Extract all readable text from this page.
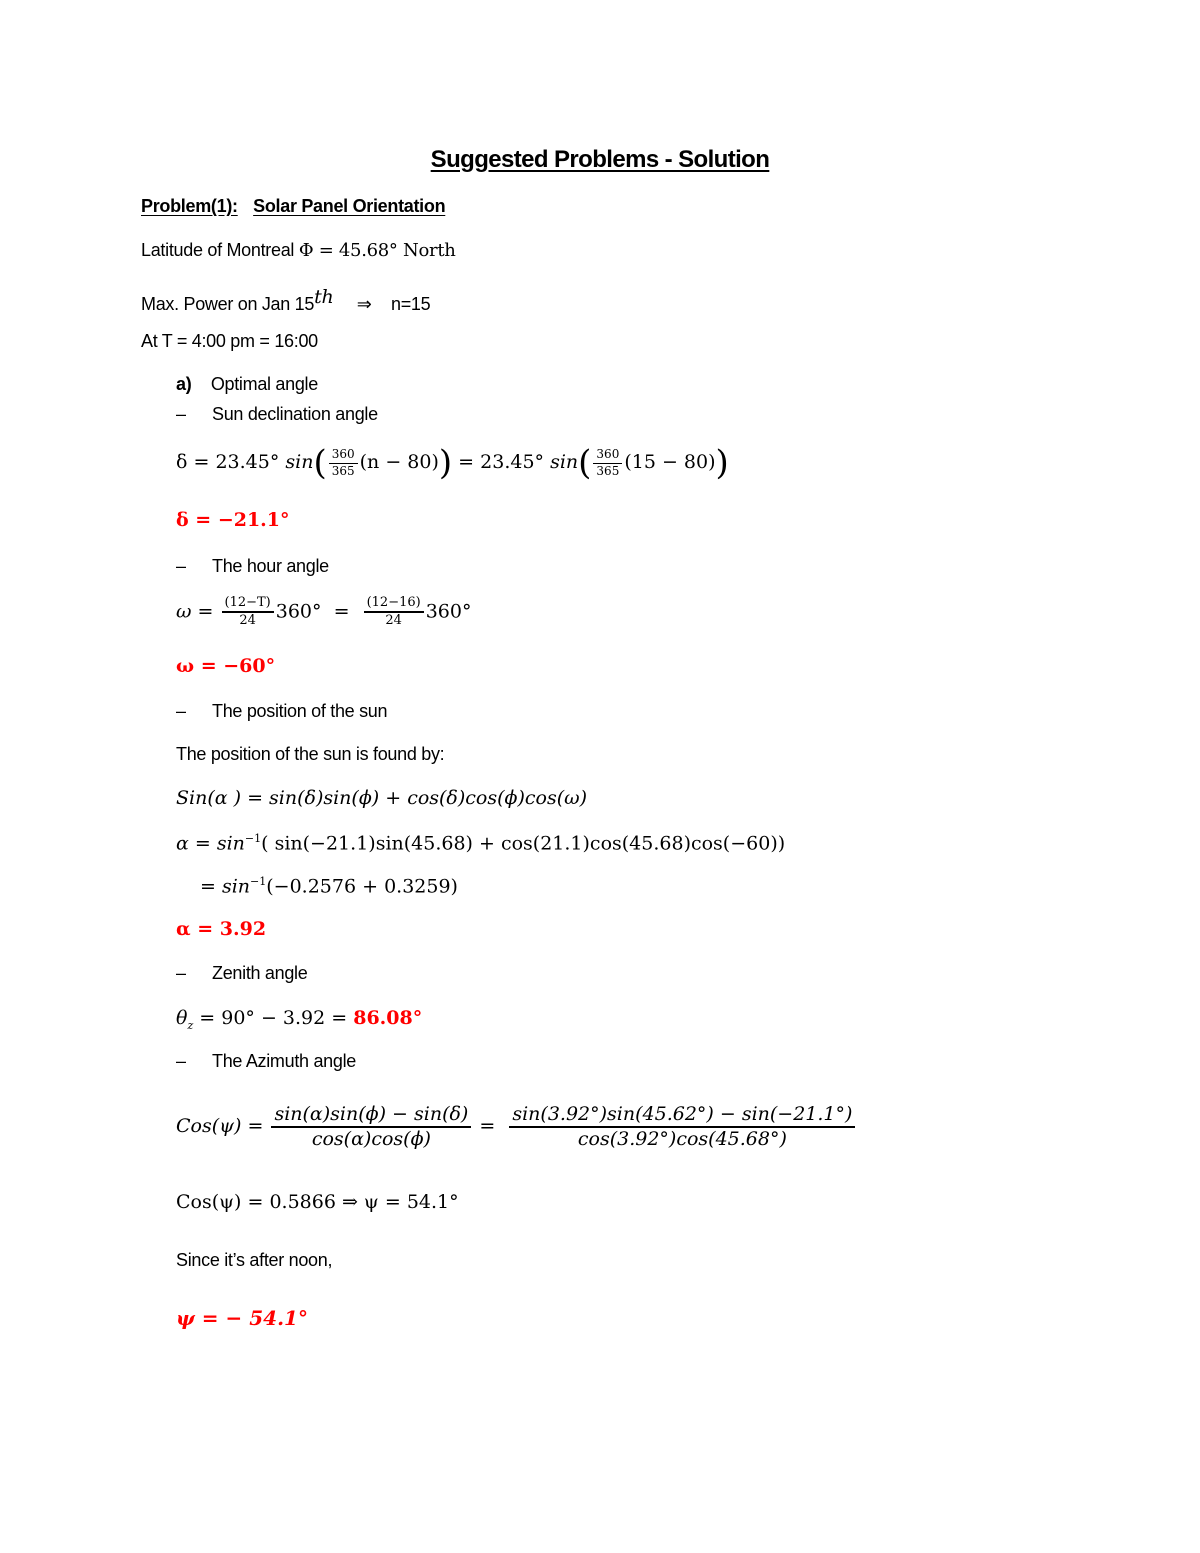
Suggested Problems - Solution
Problem(1): Solar Panel Orientation
Latitude of Montreal Φ = 45.68° North
Max. Power on Jan 15th ⇒ n=15
At T = 4:00 pm = 16:00
a) Optimal angle
– Sun declination angle
δ = 23.45° $\sin( \frac{360}{365} (n - 80)) = 23.45^\circ$ $\sin( \frac{360}{365} (15 - 80))$
δ = −21.1°
– The hour angle
$\omega = \frac{(12-T)}{24} 360^\circ = \frac{(12-16)}{24} 360^\circ$
ω = −60°
– The position of the sun
The position of the sun is found by:
Sin(α ) = sin(δ)sin(ϕ) + cos(δ)cos(ϕ)cos(ω)
$\alpha = \sin^{-1}$( sin(−21.1)sin(45.68) + cos(21.1)cos(45.68)cos(−60))
= $\sin^{-1}(-0.2576 + 0.3259)$
α = 3.92
– Zenith angle
$\theta_z = 90^\circ - 3.92 = 86.08^\circ$
– The Azimuth angle
$Cos(\psi) = \frac{\sin(\alpha)\sin(\phi) - \sin(\delta)}{\cos(\alpha)\cos(\phi)} = \frac{\sin(3.92^\circ)\sin(45.62^\circ) - \sin(-21.1^\circ)}{\cos(3.92^\circ)\cos(45.68^\circ)}$
Cos(ψ) = 0.5866 ⇒ ψ = 54.1°
Since it’s after noon,
ψ = − 54.1°
